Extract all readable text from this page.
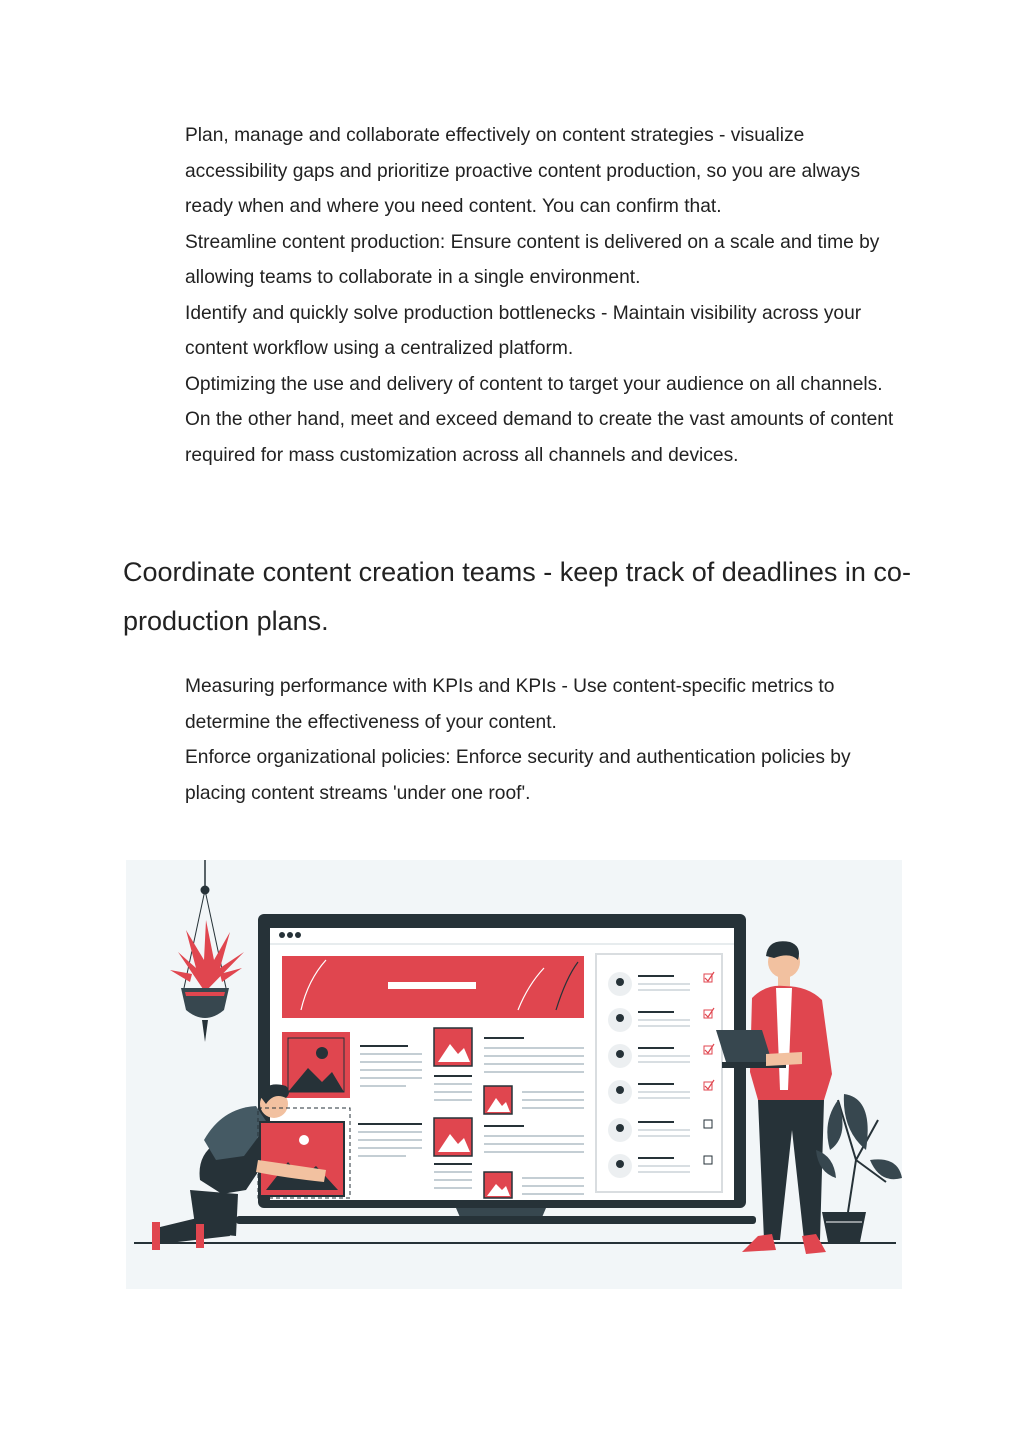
Plan, manage and collaborate effectively on content strategies - visualize accessibility gaps and prioritize proactive content production, so you are always ready when and where you need content. You can confirm that.

Streamline content production: Ensure content is delivered on a scale and time by allowing teams to collaborate in a single environment.

Identify and quickly solve production bottlenecks - Maintain visibility across your content workflow using a centralized platform.

Optimizing the use and delivery of content to target your audience on all channels. On the other hand, meet and exceed demand to create the vast amounts of content required for mass customization across all channels and devices.

Coordinate content creation teams - keep track of deadlines in co-production plans.

Measuring performance with KPIs and KPIs - Use content-specific metrics to determine the effectiveness of your content.

Enforce organizational policies: Enforce security and authentication policies by placing content streams 'under one roof'.
